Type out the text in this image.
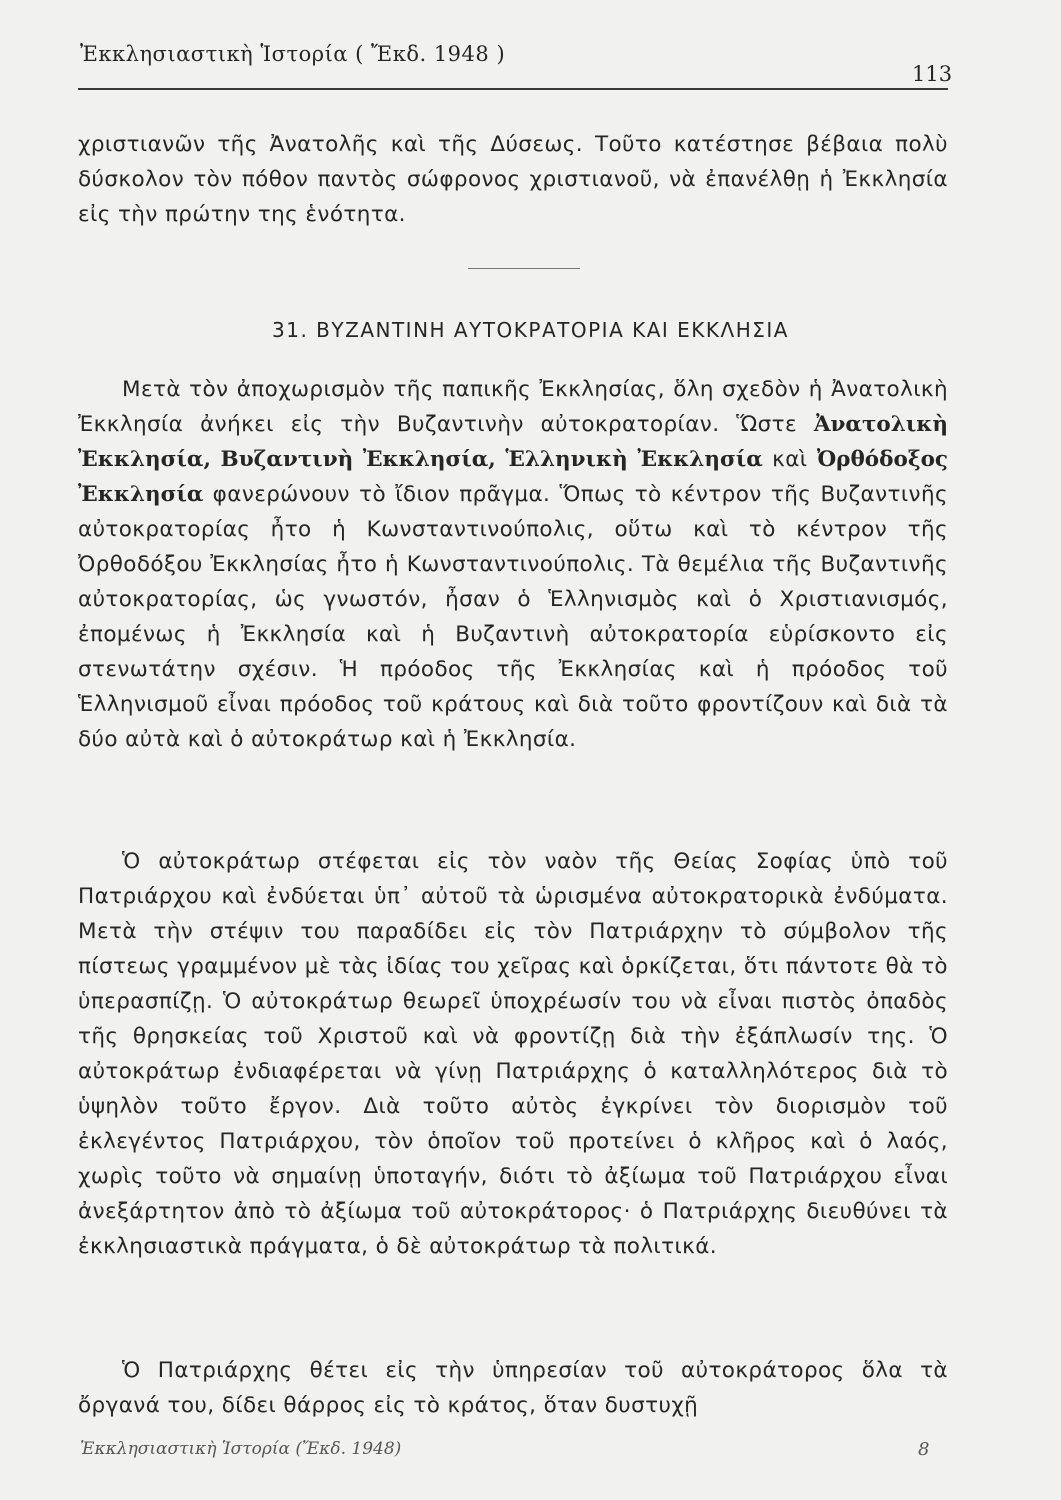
Ἐκκλησιαστικὴ Ἱστορία ( Ἔκδ. 1948 )
113
χριστιανῶν τῆς Ἀνατολῆς καὶ τῆς Δύσεως. Τοῦτο κατέστησε βέβαια πολὺ δύσκολον τὸν πόθον παντὸς σώφρονος χριστιανοῦ, νὰ ἐπανέλθῃ ἡ Ἐκκλησία εἰς τὴν πρώτην της ἑνότητα.
31. ΒΥΖΑΝΤΙΝΗ ΑΥΤΟΚΡΑΤΟΡΙΑ ΚΑΙ ΕΚΚΛΗΣΙΑ
Μετὰ τὸν ἀποχωρισμὸν τῆς παπικῆς Ἐκκλησίας, ὅλη σχεδὸν ἡ Ἀνατολικὴ Ἐκκλησία ἀνήκει εἰς τὴν Βυζαντινὴν αὐτοκρατορίαν. Ὥστε Ἀνατολικὴ Ἐκκλησία, Βυζαντινὴ Ἐκκλησία, Ἑλληνικὴ Ἐκκλησία καὶ Ὀρθόδοξος Ἐκκλησία φανερώνουν τὸ ἴδιον πρᾶγμα. Ὅπως τὸ κέντρον τῆς Βυζαντινῆς αὐτοκρατορίας ἦτο ἡ Κωνσταντινούπολις, οὕτω καὶ τὸ κέντρον τῆς Ὀρθοδόξου Ἐκκλησίας ἦτο ἡ Κωνσταντινούπολις. Τὰ θεμέλια τῆς Βυζαντινῆς αὐτοκρατορίας, ὡς γνωστόν, ἦσαν ὁ Ἑλληνισμὸς καὶ ὁ Χριστιανισμός, ἐπομένως ἡ Ἐκκλησία καὶ ἡ Βυζαντινὴ αὐτοκρατορία εὑρίσκοντο εἰς στενωτάτην σχέσιν. Ἡ πρόοδος τῆς Ἐκκλησίας καὶ ἡ πρόοδος τοῦ Ἑλληνισμοῦ εἶναι πρόοδος τοῦ κράτους καὶ διὰ τοῦτο φροντίζουν καὶ διὰ τὰ δύο αὐτὰ καὶ ὁ αὐτοκράτωρ καὶ ἡ Ἐκκλησία.
Ὁ αὐτοκράτωρ στέφεται εἰς τὸν ναὸν τῆς Θείας Σοφίας ὑπὸ τοῦ Πατριάρχου καὶ ἐνδύεται ὑπ᾽ αὐτοῦ τὰ ὡρισμένα αὐτοκρατορικὰ ἐνδύματα. Μετὰ τὴν στέψιν του παραδίδει εἰς τὸν Πατριάρχην τὸ σύμβολον τῆς πίστεως γραμμένον μὲ τὰς ἰδίας του χεῖρας καὶ ὁρκίζεται, ὅτι πάντοτε θὰ τὸ ὑπερασπίζῃ. Ὁ αὐτοκράτωρ θεωρεῖ ὑποχρέωσίν του νὰ εἶναι πιστὸς ὀπαδὸς τῆς θρησκείας τοῦ Χριστοῦ καὶ νὰ φροντίζῃ διὰ τὴν ἐξάπλωσίν της. Ὁ αὐτοκράτωρ ἐνδιαφέρεται νὰ γίνῃ Πατριάρχης ὁ καταλληλότερος διὰ τὸ ὑψηλὸν τοῦτο ἔργον. Διὰ τοῦτο αὐτὸς ἐγκρίνει τὸν διορισμὸν τοῦ ἐκλεγέντος Πατριάρχου, τὸν ὁποῖον τοῦ προτείνει ὁ κλῆρος καὶ ὁ λαός, χωρὶς τοῦτο νὰ σημαίνῃ ὑποταγήν, διότι τὸ ἀξίωμα τοῦ Πατριάρχου εἶναι ἀνεξάρτητον ἀπὸ τὸ ἀξίωμα τοῦ αὐτοκράτορος· ὁ Πατριάρχης διευθύνει τὰ ἐκκλησιαστικὰ πράγματα, ὁ δὲ αὐτοκράτωρ τὰ πολιτικά.
Ὁ Πατριάρχης θέτει εἰς τὴν ὑπηρεσίαν τοῦ αὐτοκράτορος ὅλα τὰ ὄργανά του, δίδει θάρρος εἰς τὸ κράτος, ὅταν δυστυχῇ
Ἐκκλησιαστικὴ Ἱστορία (Ἔκδ. 1948)	8
